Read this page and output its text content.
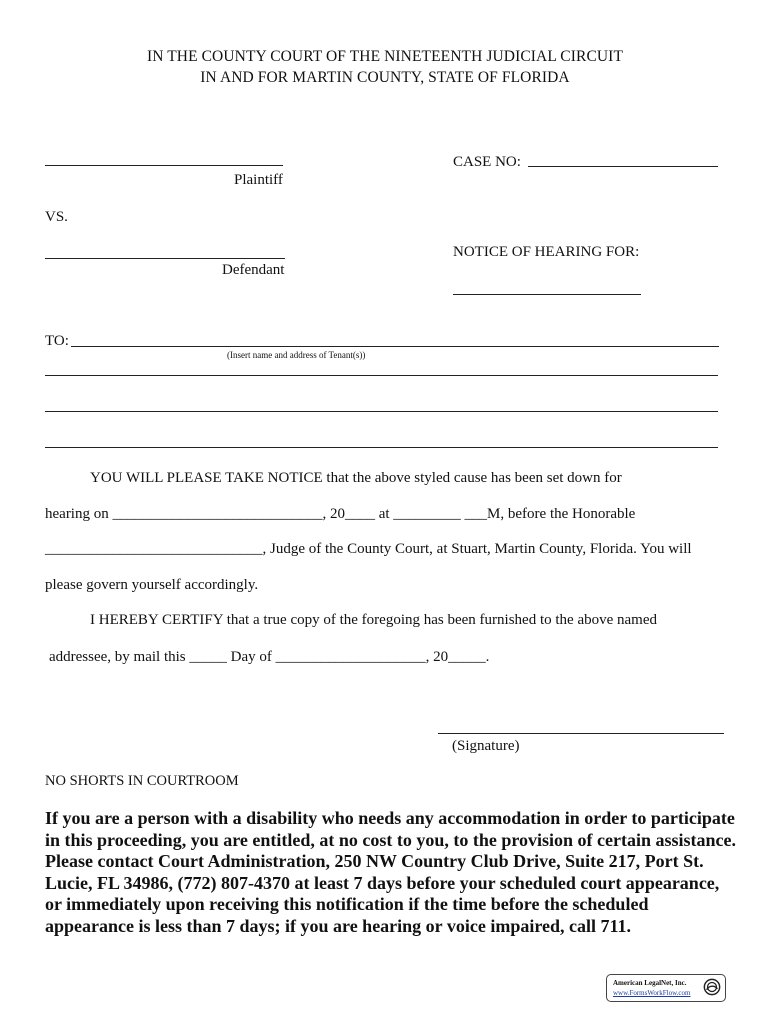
IN THE COUNTY COURT OF THE NINETEENTH JUDICIAL CIRCUIT
IN AND FOR MARTIN COUNTY, STATE OF FLORIDA
Plaintiff
VS.
Defendant
CASE NO:
NOTICE OF HEARING FOR:
TO:
(Insert name and address of Tenant(s))
YOU WILL PLEASE TAKE NOTICE that the above styled cause has been set down for
hearing on ____________________________, 20____ at _________ ___M, before the Honorable
_____________________________, Judge of the County Court, at Stuart, Martin County, Florida. You will
please govern yourself accordingly.
I HEREBY CERTIFY that a true copy of the foregoing has been furnished to the above named
addressee, by mail this _____ Day of ____________________, 20_____.
(Signature)
NO SHORTS IN COURTROOM
If you are a person with a disability who needs any accommodation in order to participate
in this proceeding, you are entitled, at no cost to you, to the provision of certain assistance.
Please contact Court Administration, 250 NW Country Club Drive, Suite 217, Port St.
Lucie, FL 34986, (772) 807-4370 at least 7 days before your scheduled court appearance,
or immediately upon receiving this notification if the time before the scheduled
appearance is less than 7 days; if you are hearing or voice impaired, call 711.
American LegalNet, Inc.
www.FormsWorkFlow.com
